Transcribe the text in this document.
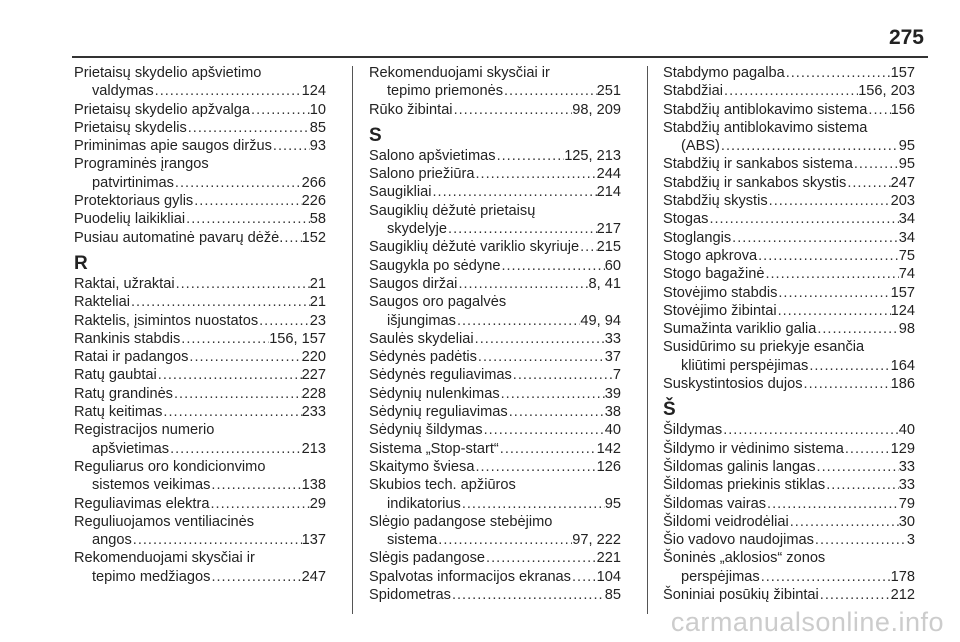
275
Prietaisų skydelio apšvietimo
valdymas .....	124
Prietaisų skydelio apžvalga .....	10
Prietaisų skydelis .....	85
Priminimas apie saugos diržus .....	93
Programinės įrangos
patvirtinimas .....	266
Protektoriaus gylis .....	226
Puodelių laikikliai .....	58
Pusiau automatinė pavarų dėžė. ..... 152
R
Raktai, užraktai .....	21
Rakteliai .....	21
Raktelis, įsimintos nuostatos .....	23
Rankinis stabdis .....	156, 157
Ratai ir padangos .....	220
Ratų gaubtai .....	227
Ratų grandinės .....	228
Ratų keitimas .....	233
Registracijos numerio
apšvietimas .....	213
Reguliarus oro kondicionvimo
sistemos veikimas .....	138
Reguliavimas elektra .....	29
Reguliuojamos ventiliacinės
angos .....	137
Rekomenduojami skysčiai ir
tepimo medžiagos .....	247
Rekomenduojami skysčiai ir
tepimo priemonės .....	251
Rūko žibintai .....	98, 209
S
Salono apšvietimas .....	125, 213
Salono priežiūra .....	244
Saugikliai .....	214
Saugiklių dėžutė prietaisų
skydelyje .....	217
Saugiklių dėžutė variklio skyriuje ..... 215
Saugykla po sėdyne .....	60
Saugos diržai .....	8, 41
Saugos oro pagalvės
išjungimas .....	49, 94
Saulės skydeliai .....	33
Sėdynės padėtis .....	37
Sėdynės reguliavimas .....	7
Sėdynių nulenkimas .....	39
Sėdynių reguliavimas .....	38
Sėdynių šildymas .....	40
Sistema „Stop-start“ .....	142
Skaitymo šviesa .....	126
Skubios tech. apžiūros
indikatorius .....	95
Slėgio padangose stebėjimo
sistema .....	97, 222
Slėgis padangose .....	221
Spalvotas informacijos ekranas ..... 104
Spidometras .....	85
Stabdymo pagalba .....	157
Stabdžiai .....	156, 203
Stabdžių antiblokavimo sistema ..... 156
Stabdžių antiblokavimo sistema
(ABS) .....	95
Stabdžių ir sankabos sistema .....	95
Stabdžių ir sankabos skystis .....	247
Stabdžių skystis .....	203
Stogas .....	34
Stoglangis .....	34
Stogo apkrova .....	75
Stogo bagažinė .....	74
Stovėjimo stabdis .....	157
Stovėjimo žibintai .....	124
Sumažinta variklio galia .....	98
Susidūrimo su priekyje esančia
kliūtimi perspėjimas .....	164
Suskystintosios dujos .....	186
Š
Šildymas .....	40
Šildymo ir vėdinimo sistema .....	129
Šildomas galinis langas .....	33
Šildomas priekinis stiklas .....	33
Šildomas vairas .....	79
Šildomi veidrodėliai .....	30
Šio vadovo naudojimas .....	3
Šoninės „aklosios“ zonos
perspėjimas .....	178
Šoniniai posūkių žibintai .....	212
carmanualsonline.info
